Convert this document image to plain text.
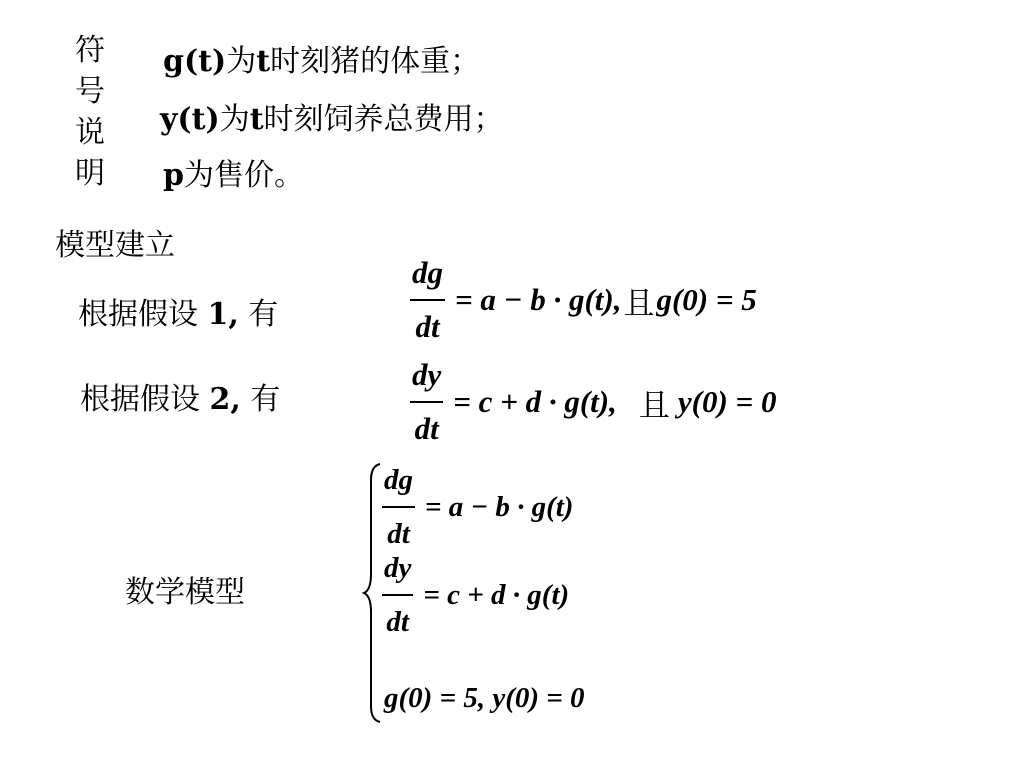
符
号
说
明
g(t)为t时刻猪的体重；
y(t)为t时刻饲养总费用；
p为售价。
模型建立
根据假设 1, 有	$\frac{dg}{dt} = a - b \cdot g(t)$, 且 g(0) = 5
根据假设 2, 有	$\frac{dy}{dt} = c + d \cdot g(t)$, 且 y(0) = 0
数学模型
$\frac{dg}{dt} = a - b \cdot g(t)$
$\frac{dy}{dt} = c + d \cdot g(t)$
g(0) = 5, y(0) = 0
